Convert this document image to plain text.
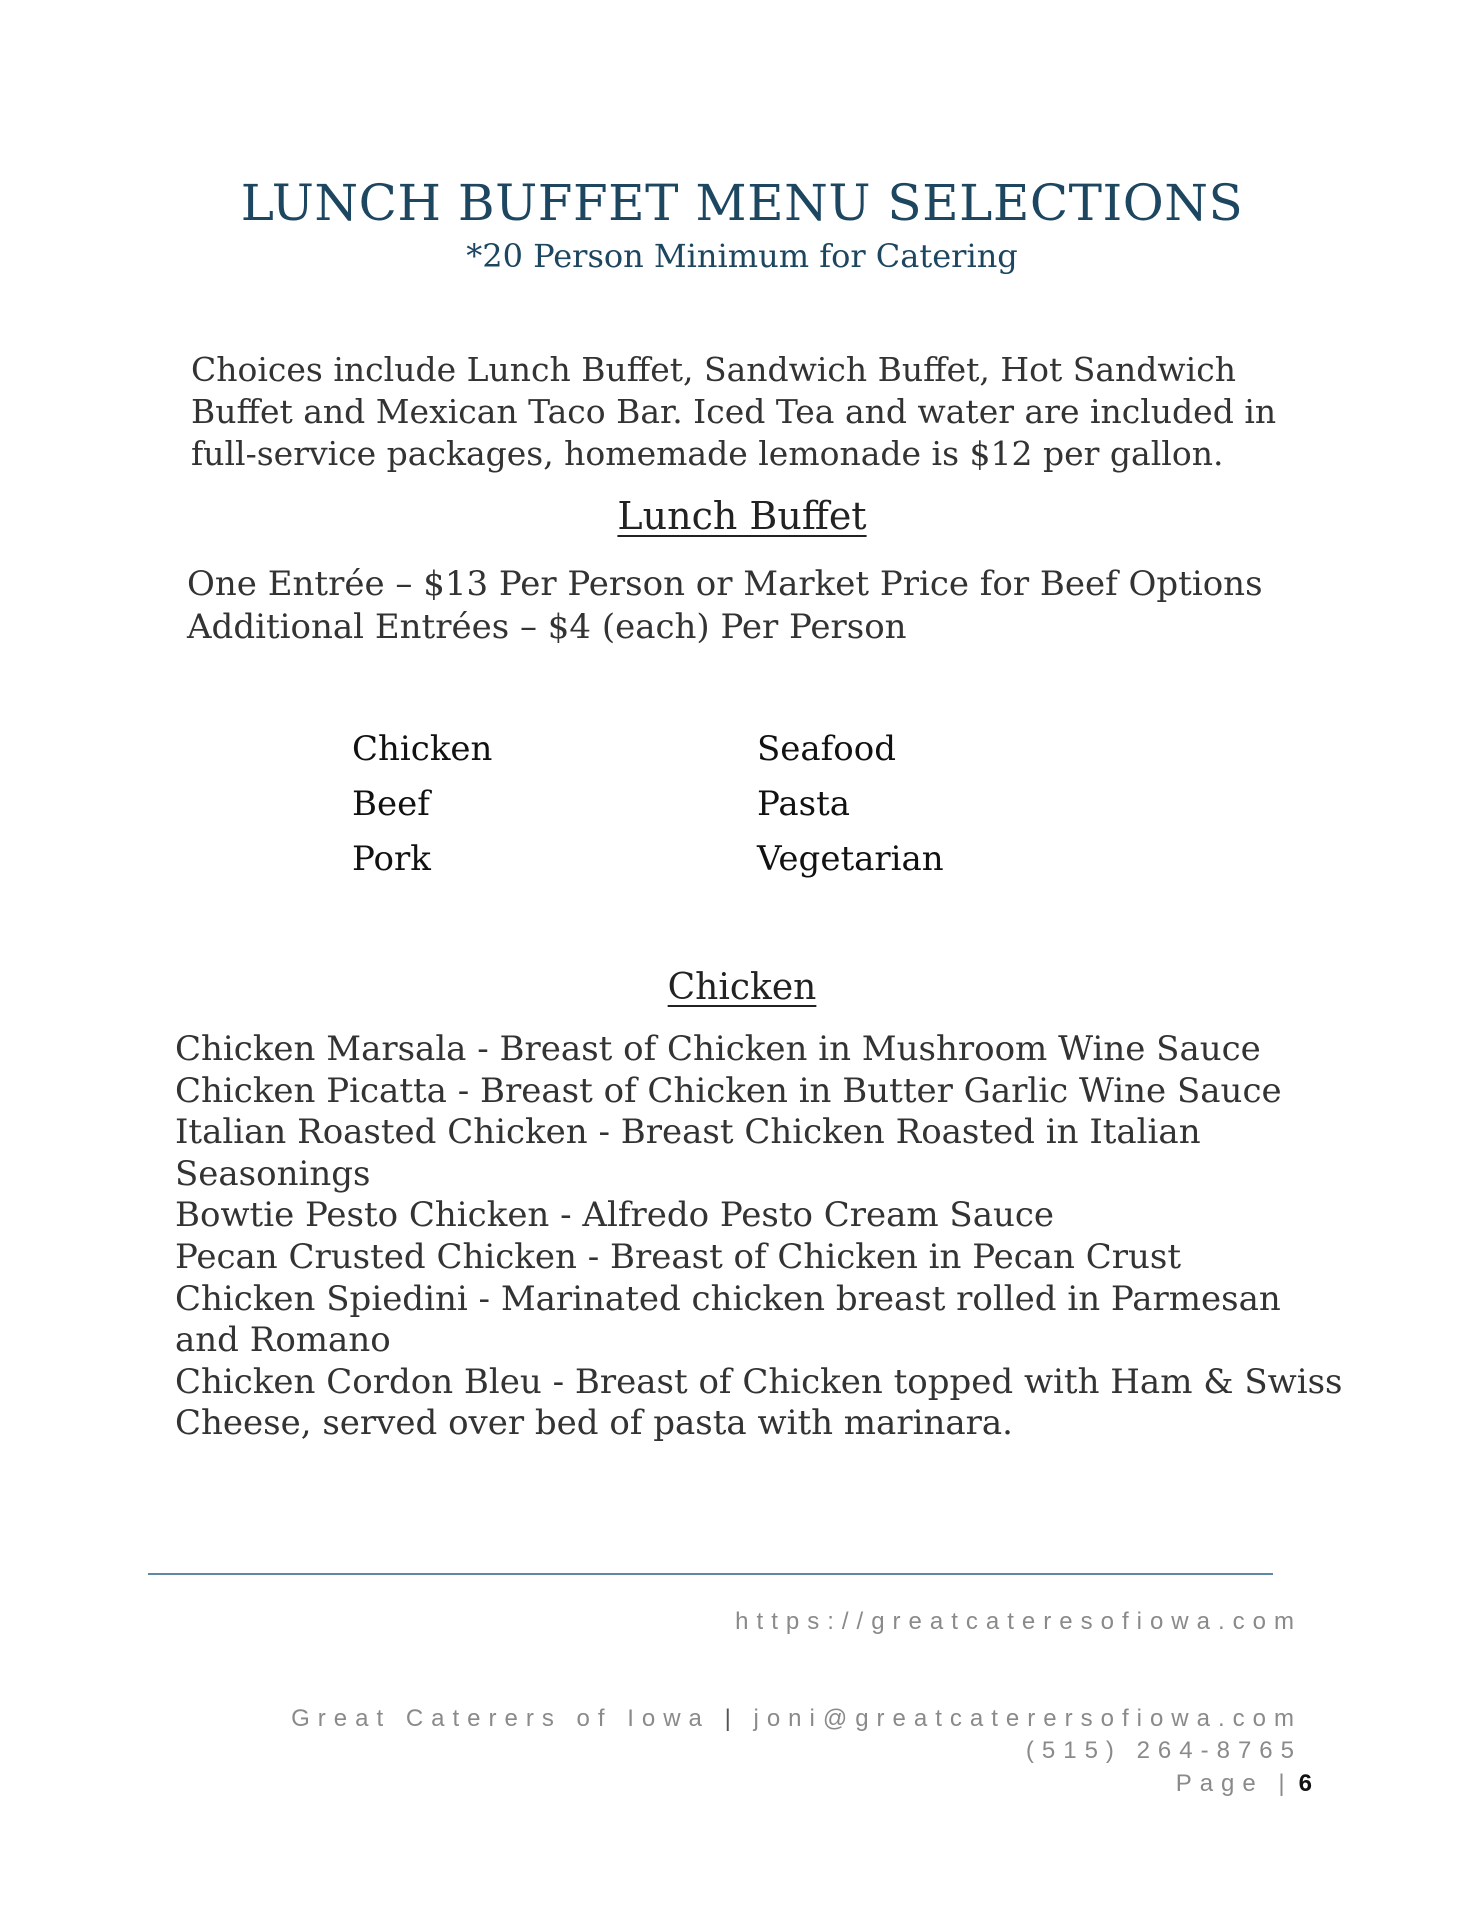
LUNCH BUFFET MENU SELECTIONS
*20 Person Minimum for Catering
Choices include Lunch Buffet, Sandwich Buffet, Hot Sandwich
Buffet and Mexican Taco Bar. Iced Tea and water are included in
full-service packages, homemade lemonade is $12 per gallon.
Lunch Buffet
One Entrée – $13 Per Person or Market Price for Beef Options
Additional Entrées – $4 (each) Per Person
Chicken	Seafood
Beef	Pasta
Pork	Vegetarian
Chicken
Chicken Marsala - Breast of Chicken in Mushroom Wine Sauce
Chicken Picatta - Breast of Chicken in Butter Garlic Wine Sauce
Italian Roasted Chicken - Breast Chicken Roasted in Italian
Seasonings
Bowtie Pesto Chicken - Alfredo Pesto Cream Sauce
Pecan Crusted Chicken - Breast of Chicken in Pecan Crust
Chicken Spiedini - Marinated chicken breast rolled in Parmesan
and Romano
Chicken Cordon Bleu - Breast of Chicken topped with Ham & Swiss
Cheese, served over bed of pasta with marinara.
https://greatcateresofiowa.com
Great Caterers of Iowa | joni@greatcaterersofiowa.com
(515) 264-8765
Page | 6
